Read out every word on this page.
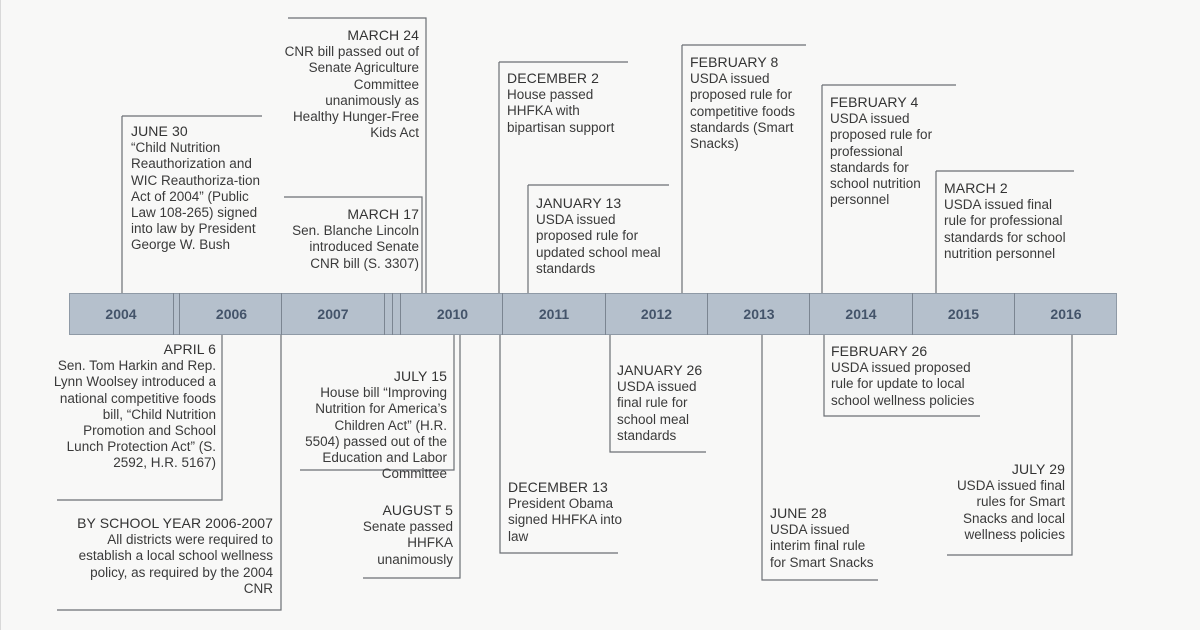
2004	2006	2007	2010	2011	2012	2013	2014	2015	2016
JUNE 30
“Child Nutrition Reauthorization and WIC Reauthoriza-tion Act of 2004” (Public Law 108-265) signed into law by President George W. Bush
MARCH 24
CNR bill passed out of Senate Agriculture Committee unanimously as Healthy Hunger-Free Kids Act
MARCH 17
Sen. Blanche Lincoln introduced Senate CNR bill (S. 3307)
DECEMBER 2
House passed HHFKA with bipartisan support
JANUARY 13
USDA issued proposed rule for updated school meal standards
FEBRUARY 8
USDA issued proposed rule for competitive foods standards (Smart Snacks)
FEBRUARY 4
USDA issued proposed rule for professional standards for school nutrition personnel
MARCH 2
USDA issued final rule for professional standards for school nutrition personnel
APRIL 6
Sen. Tom Harkin and Rep. Lynn Woolsey introduced a national competitive foods bill, “Child Nutrition Promotion and School Lunch Protection Act” (S. 2592, H.R. 5167)
BY SCHOOL YEAR 2006-2007
All districts were required to establish a local school wellness policy, as required by the 2004 CNR
JULY 15
House bill “Improving Nutrition for America’s Children Act” (H.R. 5504) passed out of the Education and Labor Committee
AUGUST 5
Senate passed HHFKA unanimously
DECEMBER 13
President Obama signed HHFKA into law
JANUARY 26
USDA issued final rule for school meal standards
JUNE 28
USDA issued interim final rule for Smart Snacks
FEBRUARY 26
USDA issued proposed rule for update to local school wellness policies
JULY 29
USDA issued final rules for Smart Snacks and local wellness policies
